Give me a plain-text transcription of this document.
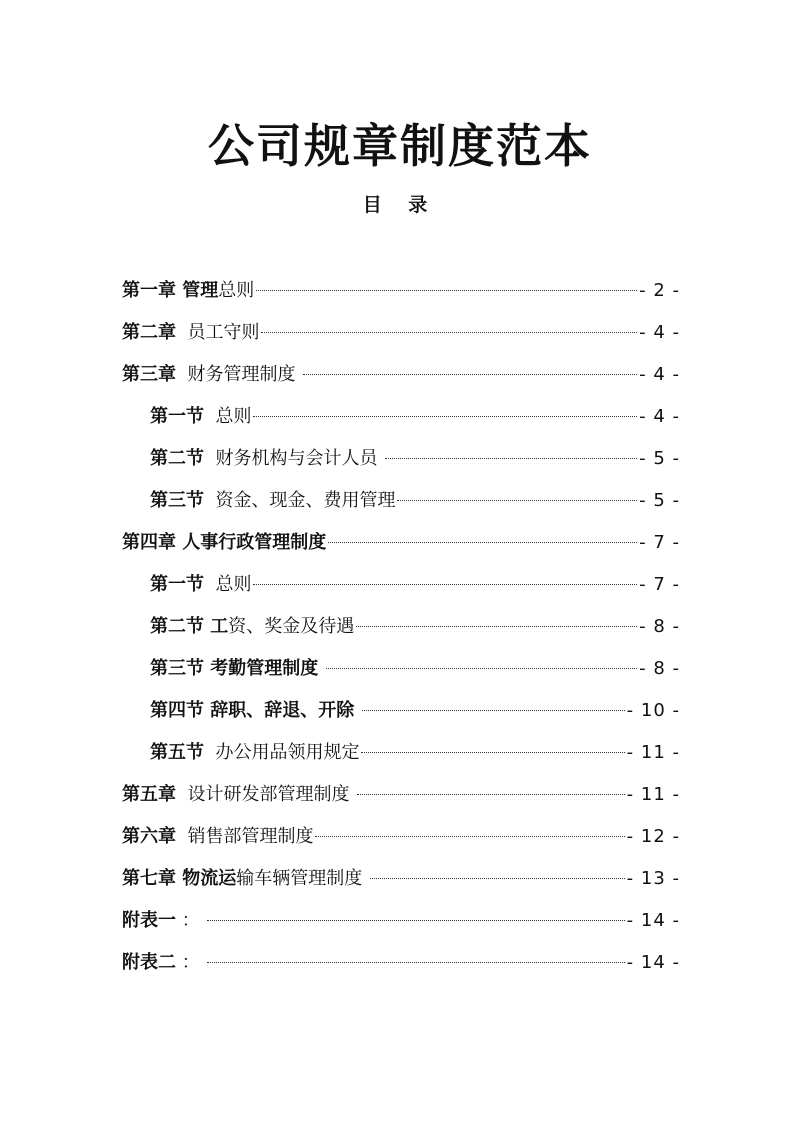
公司规章制度范本
目 录
第一章 管理总则	- 2 -
第二章  员工守则	- 4 -
第三章  财务管理制度	- 4 -
第一节  总则	- 4 -
第二节  财务机构与会计人员	- 5 -
第三节  资金、现金、费用管理	- 5 -
第四章 人事行政管理制度	- 7 -
第一节  总则	- 7 -
第二节 工资、奖金及待遇	- 8 -
第三节 考勤管理制度	- 8 -
第四节 辞职、辞退、开除	- 10 -
第五节  办公用品领用规定	- 11 -
第五章  设计研发部管理制度	- 11 -
第六章  销售部管理制度	- 12 -
第七章 物流运输车辆管理制度	- 13 -
附表一 ：	- 14 -
附表二 ：	- 14 -
